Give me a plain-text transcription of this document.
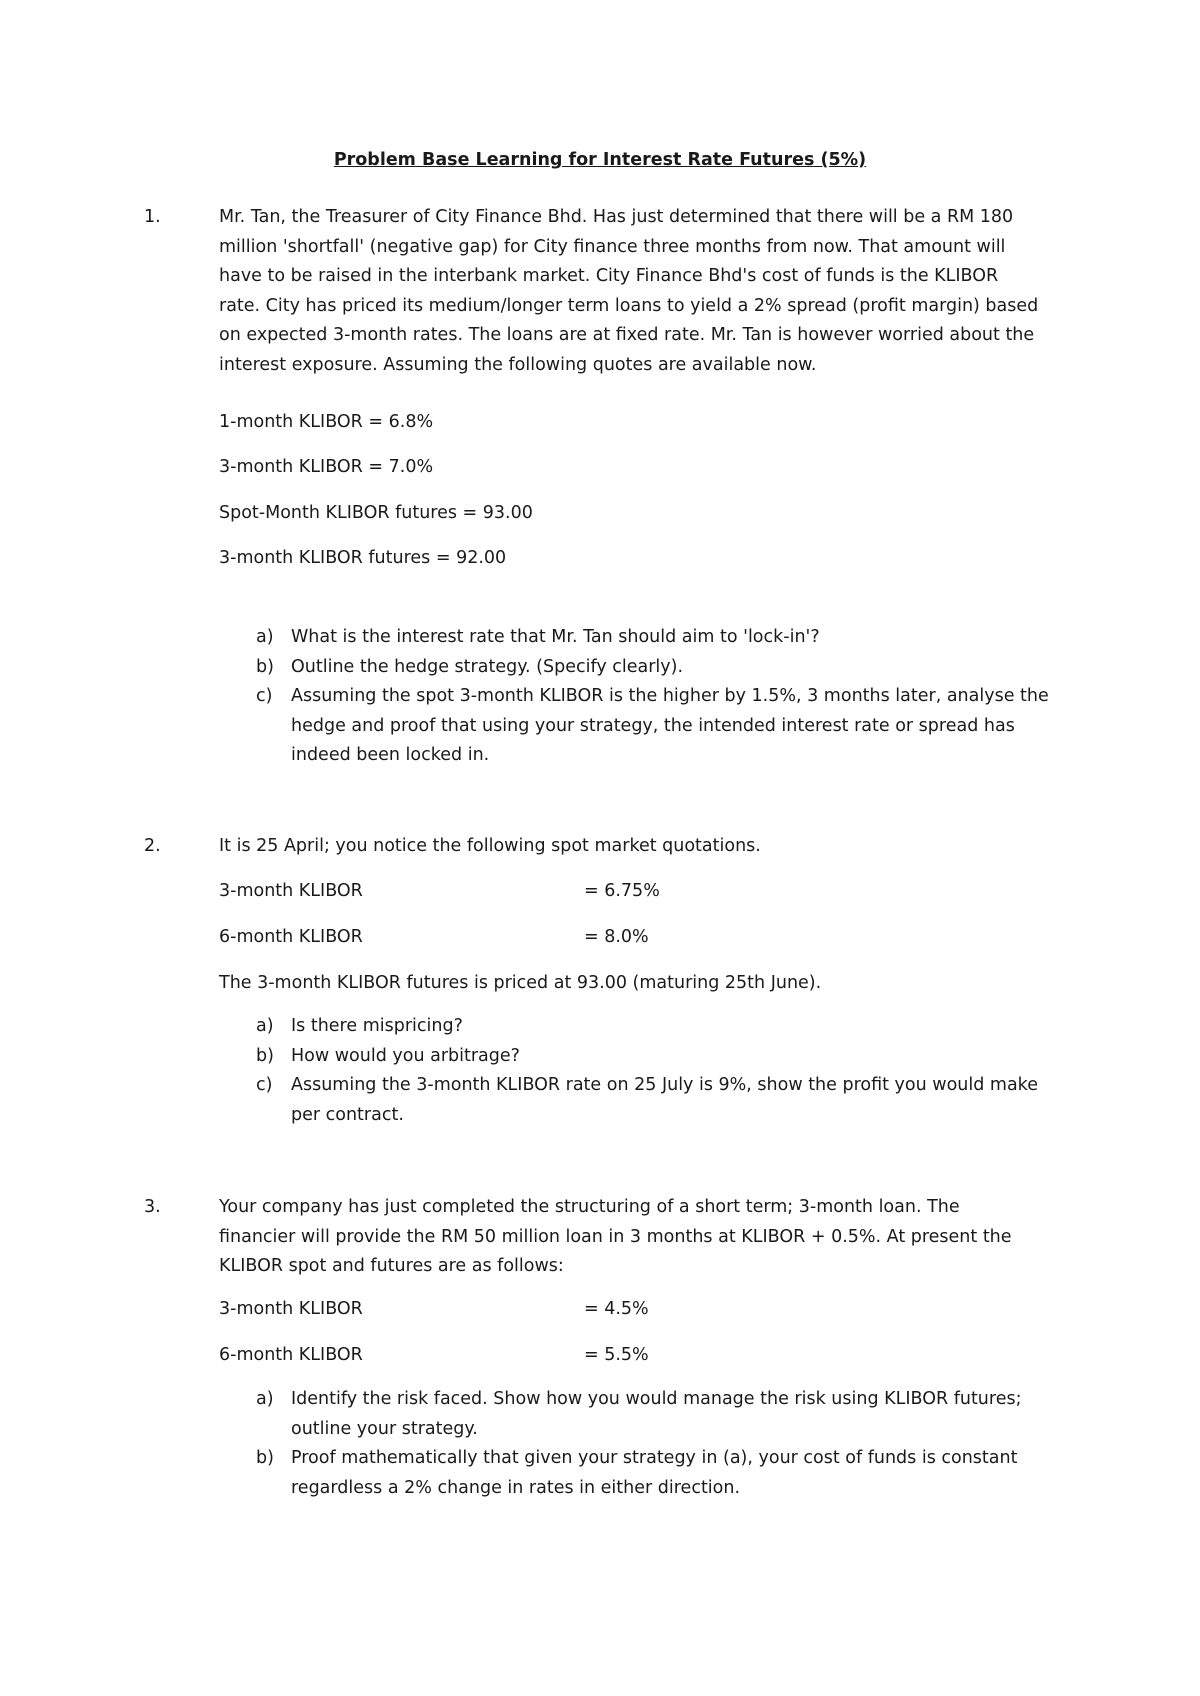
Problem Base Learning for Interest Rate Futures (5%)
1.	Mr. Tan, the Treasurer of City Finance Bhd. Has just determined that there will be a RM 180 million 'shortfall' (negative gap) for City finance three months from now. That amount will have to be raised in the interbank market. City Finance Bhd's cost of funds is the KLIBOR rate. City has priced its medium/longer term loans to yield a 2% spread (profit margin) based on expected 3-month rates. The loans are at fixed rate. Mr. Tan is however worried about the interest exposure. Assuming the following quotes are available now.

1-month KLIBOR = 6.8%
3-month KLIBOR = 7.0%
Spot-Month KLIBOR futures = 93.00
3-month KLIBOR futures = 92.00
a) What is the interest rate that Mr. Tan should aim to 'lock-in'?
b) Outline the hedge strategy. (Specify clearly).
c) Assuming the spot 3-month KLIBOR is the higher by 1.5%, 3 months later, analyse the hedge and proof that using your strategy, the intended interest rate or spread has indeed been locked in.
2.	It is 25 April; you notice the following spot market quotations.

3-month KLIBOR	= 6.75%
6-month KLIBOR	= 8.0%
The 3-month KLIBOR futures is priced at 93.00 (maturing 25th June).
a) Is there mispricing?
b) How would you arbitrage?
c) Assuming the 3-month KLIBOR rate on 25 July is 9%, show the profit you would make per contract.
3.	Your company has just completed the structuring of a short term; 3-month loan. The financier will provide the RM 50 million loan in 3 months at KLIBOR + 0.5%. At present the KLIBOR spot and futures are as follows:

3-month KLIBOR	= 4.5%
6-month KLIBOR	= 5.5%
a) Identify the risk faced. Show how you would manage the risk using KLIBOR futures; outline your strategy.
b) Proof mathematically that given your strategy in (a), your cost of funds is constant regardless a 2% change in rates in either direction.
